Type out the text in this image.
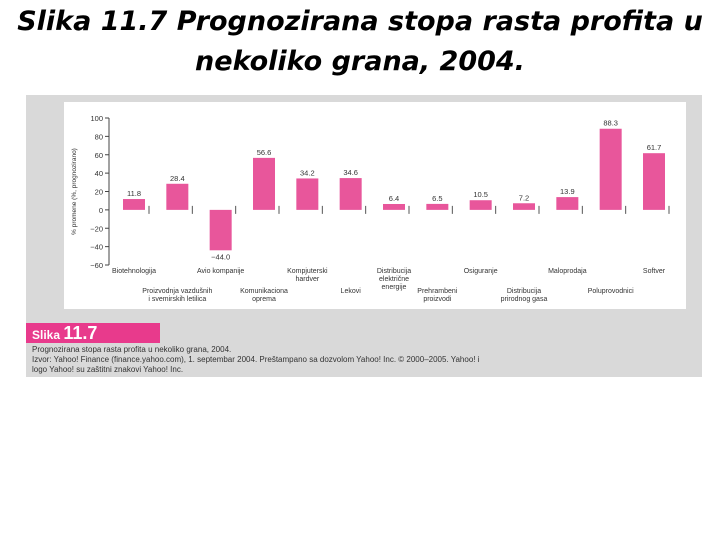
Slika 11.7 Prognozirana stopa rasta profita u
nekoliko grana, 2004.
−60
−40
−20
0
20
40
60
80
100
% promene (%, prognozirano)	11.8
28.4
−44.0
56.6
34.2	34.6
6.4	6.5	10.5	7.2
13.9
88.3
61.7
Biotehnologija	Avio kompanije	Kompjuterski
hardver
Distribucija
električne
energije
Osiguranje	Maloprodaja	Softver
Proizvodnja vazdušnih
i svemirskih letilica
Komunikaciona
oprema
Lekovi	Prehrambeni
proizvodi
Distribucija
prirodnog gasa
Poluprovodnici
Slika 11.7
Prognozirana stopa rasta profita u nekoliko grana, 2004.
Izvor: Yahoo! Finance (finance.yahoo.com), 1. septembar 2004. Preštampano sa dozvolom Yahoo! Inc. © 2000–2005. Yahoo! i
logo Yahoo! su zaštitni znakovi Yahoo! Inc.
